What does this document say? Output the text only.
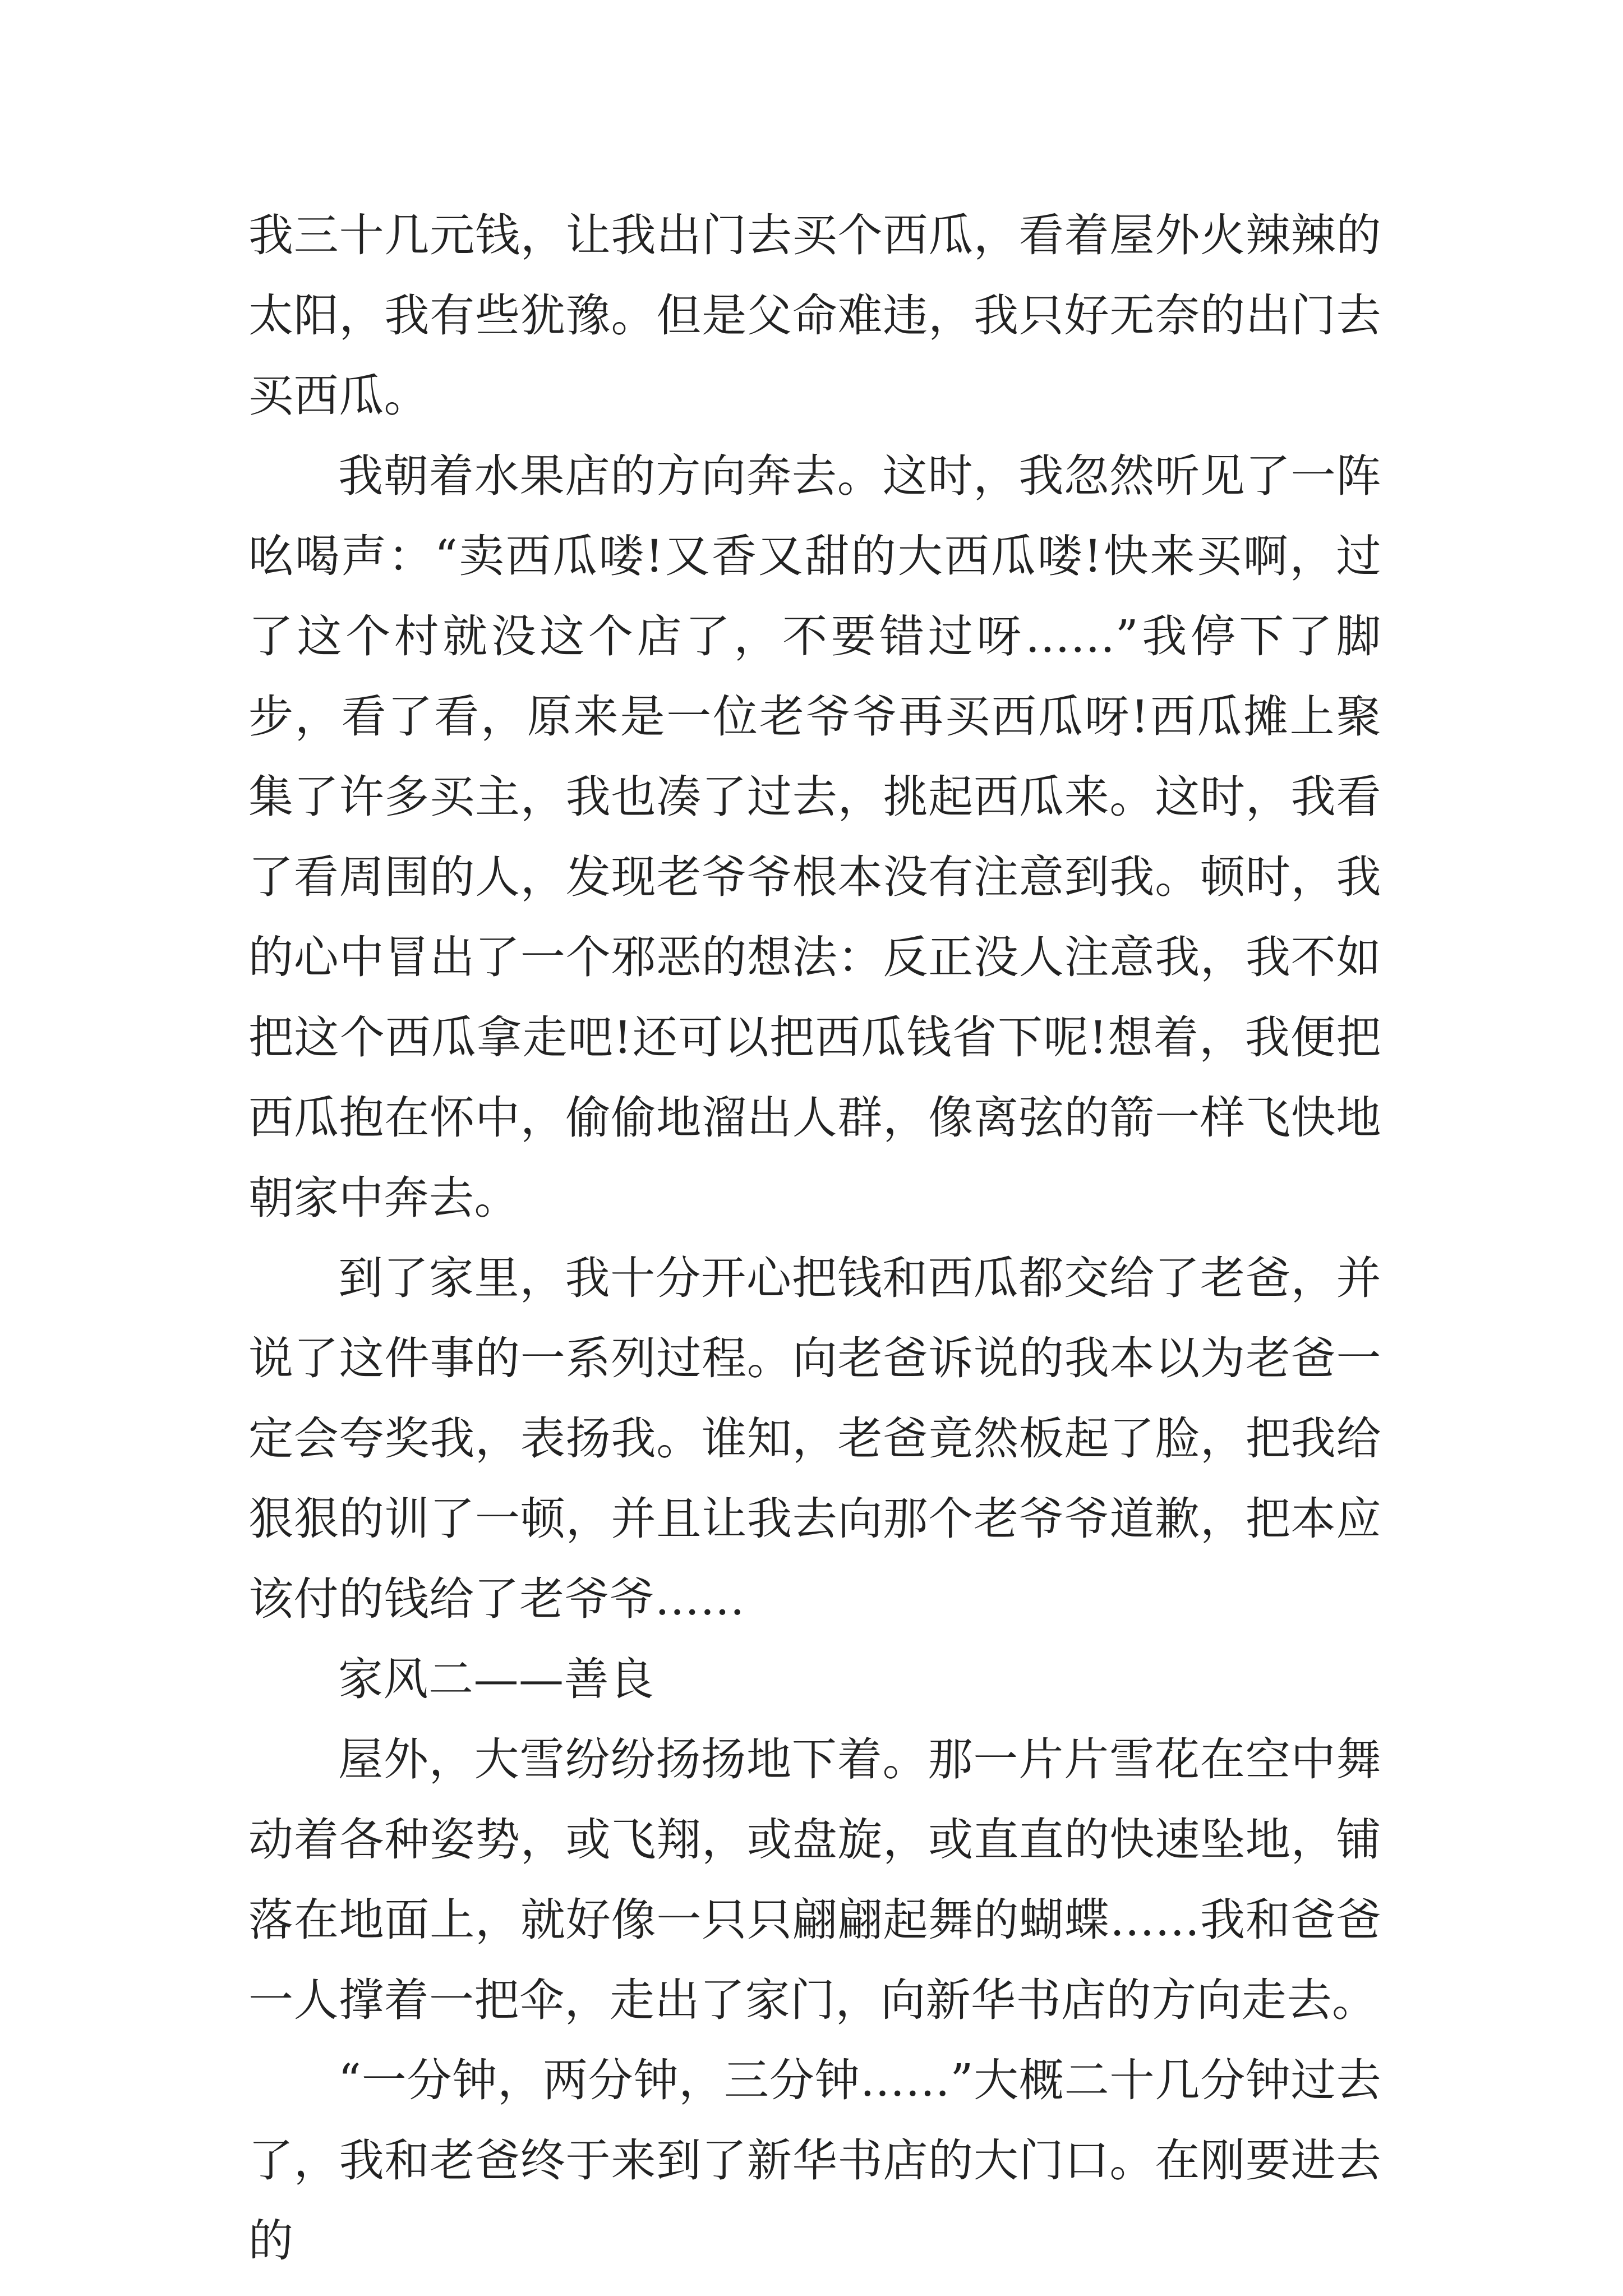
我三十几元钱，让我出门去买个西瓜，看着屋外火辣辣的太阳，我有些犹豫。但是父命难违，我只好无奈的出门去买西瓜。

我朝着水果店的方向奔去。这时，我忽然听见了一阵吆喝声：“卖西瓜喽!又香又甜的大西瓜喽!快来买啊，过了这个村就没这个店了，不要错过呀……”我停下了脚步，看了看，原来是一位老爷爷再买西瓜呀!西瓜摊上聚集了许多买主，我也凑了过去，挑起西瓜来。这时，我看了看周围的人，发现老爷爷根本没有注意到我。顿时，我的心中冒出了一个邪恶的想法：反正没人注意我，我不如把这个西瓜拿走吧!还可以把西瓜钱省下呢!想着，我便把西瓜抱在怀中，偷偷地溜出人群，像离弦的箭一样飞快地朝家中奔去。

到了家里，我十分开心把钱和西瓜都交给了老爸，并说了这件事的一系列过程。向老爸诉说的我本以为老爸一定会夸奖我，表扬我。谁知，老爸竟然板起了脸，把我给狠狠的训了一顿，并且让我去向那个老爷爷道歉，把本应该付的钱给了老爷爷……

家风二——善良

屋外，大雪纷纷扬扬地下着。那一片片雪花在空中舞动着各种姿势，或飞翔，或盘旋，或直直的快速坠地，铺落在地面上，就好像一只只翩翩起舞的蝴蝶……我和爸爸一人撑着一把伞，走出了家门，向新华书店的方向走去。

“一分钟，两分钟，三分钟……”大概二十几分钟过去了，我和老爸终于来到了新华书店的大门口。在刚要进去的
